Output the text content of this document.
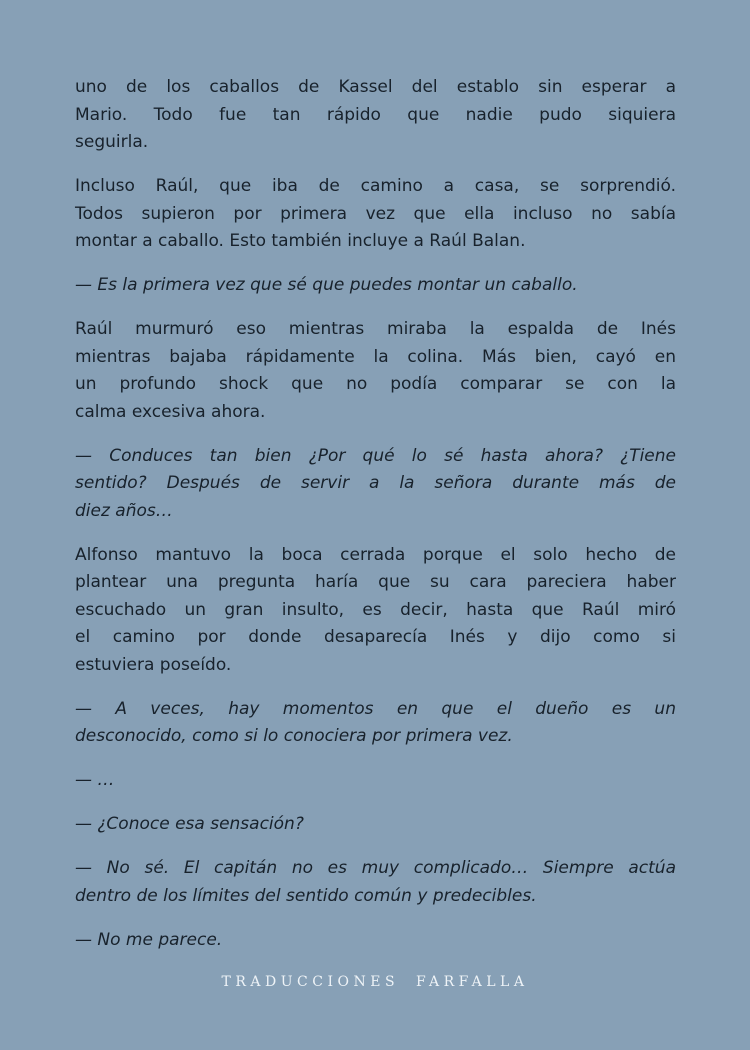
uno de los caballos de Kassel del establo sin esperar a
Mario. Todo fue tan rápido que nadie pudo siquiera
seguirla.
Incluso Raúl, que iba de camino a casa, se sorprendió.
Todos supieron por primera vez que ella incluso no sabía
montar a caballo. Esto también incluye a Raúl Balan.
— Es la primera vez que sé que puedes montar un caballo.
Raúl murmuró eso mientras miraba la espalda de Inés
mientras bajaba rápidamente la colina. Más bien, cayó en
un profundo shock que no podía comparar se con la
calma excesiva ahora.
— Conduces tan bien ¿Por qué lo sé hasta ahora? ¿Tiene
sentido? Después de servir a la señora durante más de
diez años…
Alfonso mantuvo la boca cerrada porque el solo hecho de
plantear una pregunta haría que su cara pareciera haber
escuchado un gran insulto, es decir, hasta que Raúl miró
el camino por donde desaparecía Inés y dijo como si
estuviera poseído.
— A veces, hay momentos en que el dueño es un
desconocido, como si lo conociera por primera vez.
— …
— ¿Conoce esa sensación?
— No sé. El capitán no es muy complicado… Siempre actúa
dentro de los límites del sentido común y predecibles.
— No me parece.
TRADUCCIONES FARFALLA
